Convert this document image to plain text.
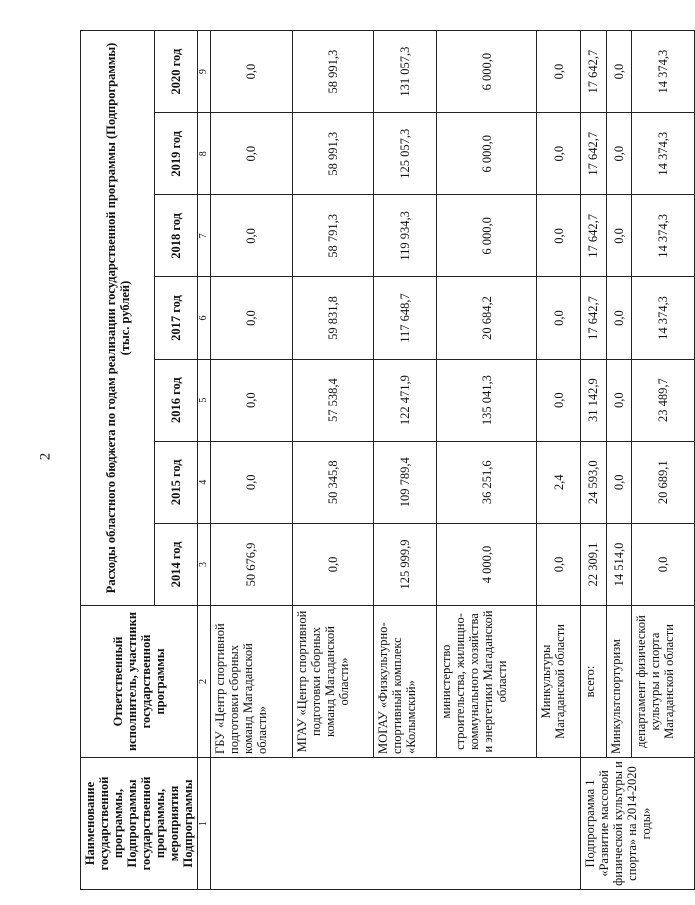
2
Наименование государственной программы, Подпрограммы государственной программы, мероприятия Подпрограммы	Ответственный исполнитель, участники государственной программы	Расходы областного бюджета по годам реализации государственной программы (Подпрограммы) (тыс. рублей)						
		2014 год	2015 год	2016 год	2017 год	2018 год	2019 год	2020 год
1	2	3	4	5	6	7	8	9
	ГБУ «Центр спортивной подготовки сборных команд Магаданской области»	50 676,9	0,0	0,0	0,0	0,0	0,0	0,0
	МГАУ «Центр спортивной подготовки сборных команд Магаданской области»	0,0	50 345,8	57 538,4	59 831,8	58 791,3	58 991,3	58 991,3
	МОГАУ «Физкультурно-спортивный комплекс «Колымский»	125 999,9	109 789,4	122 471,9	117 648,7	119 934,3	125 057,3	131 057,3
	министерство строительства, жилищно-коммунального хозяйства и энергетики Магаданской области	4 000,0	36 251,6	135 041,3	20 684,2	6 000,0	6 000,0	6 000,0
	Минкультуры Магаданской области	0,0	2,4	0,0	0,0	0,0	0,0	0,0
Подпрограмма 1 «Развитие массовой физической культуры и спорта» на 2014-2020 годы»	всего:	22 309,1	24 593,0	31 142,9	17 642,7	17 642,7	17 642,7	17 642,7
	Минкультспортуризм	14 514,0	0,0	0,0	0,0	0,0	0,0	0,0
	департамент физической культуры и спорта Магаданской области	0,0	20 689,1	23 489,7	14 374,3	14 374,3	14 374,3	14 374,3
